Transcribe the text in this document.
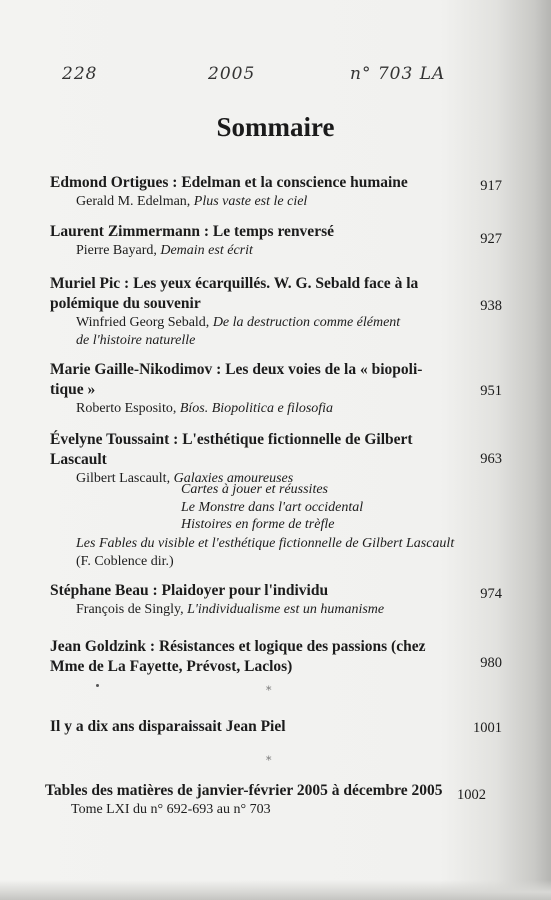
228	2005	n° 703 LA
Sommaire
Edmond Ortigues : Edelman et la conscience humaine
Gerald M. Edelman, Plus vaste est le ciel
917
Laurent Zimmermann : Le temps renversé
Pierre Bayard, Demain est écrit
927
Muriel Pic : Les yeux écarquillés. W. G. Sebald face à la
polémique du souvenir
Winfried Georg Sebald, De la destruction comme élément
de l'histoire naturelle
938
Marie Gaille-Nikodimov : Les deux voies de la « biopoli-
tique »
Roberto Esposito, Bíos. Biopolitica e filosofia
951
Évelyne Toussaint : L'esthétique fictionnelle de Gilbert
Lascault
Gilbert Lascault, Galaxies amoureuses
Cartes à jouer et réussites
Le Monstre dans l'art occidental
Histoires en forme de trèfle
Les Fables du visible et l'esthétique fictionnelle de Gilbert Lascault
(F. Coblence dir.)
963
Stéphane Beau : Plaidoyer pour l'individu
François de Singly, L'individualisme est un humanisme
974
Jean Goldzink : Résistances et logique des passions (chez
Mme de La Fayette, Prévost, Laclos)	980
*
Il y a dix ans disparaissait Jean Piel	1001
*
Tables des matières de janvier-février 2005 à décembre 2005
Tome LXI du n° 692-693 au n° 703
1002
